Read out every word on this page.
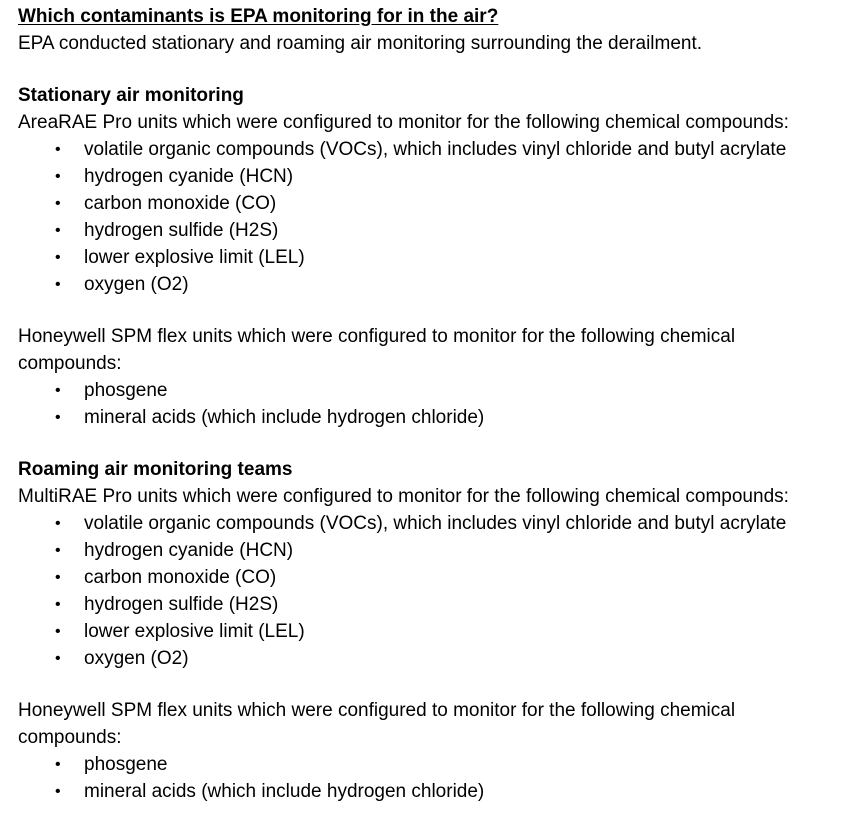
Which contaminants is EPA monitoring for in the air?

EPA conducted stationary and roaming air monitoring surrounding the derailment.

Stationary air monitoring

AreaRAE Pro units which were configured to monitor for the following chemical compounds:

• volatile organic compounds (VOCs), which includes vinyl chloride and butyl acrylate
• hydrogen cyanide (HCN)
• carbon monoxide (CO)
• hydrogen sulfide (H2S)
• lower explosive limit (LEL)
• oxygen (O2)

Honeywell SPM flex units which were configured to monitor for the following chemical compounds:

• phosgene
• mineral acids (which include hydrogen chloride)

Roaming air monitoring teams

MultiRAE Pro units which were configured to monitor for the following chemical compounds:

• volatile organic compounds (VOCs), which includes vinyl chloride and butyl acrylate
• hydrogen cyanide (HCN)
• carbon monoxide (CO)
• hydrogen sulfide (H2S)
• lower explosive limit (LEL)
• oxygen (O2)

Honeywell SPM flex units which were configured to monitor for the following chemical compounds:

• phosgene
• mineral acids (which include hydrogen chloride)
